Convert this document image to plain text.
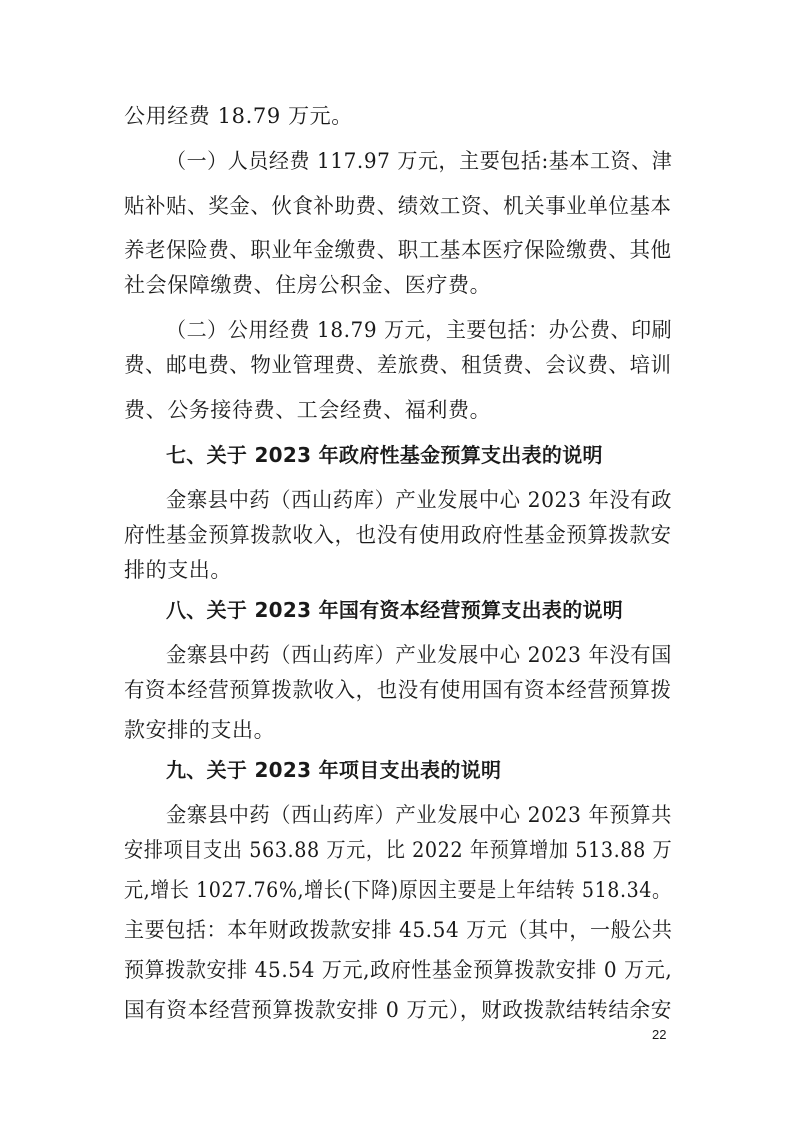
公用经费 18.79 万元。
（一）人员经费 117.97 万元，主要包括:基本工资、津
贴补贴、奖金、伙食补助费、绩效工资、机关事业单位基本
养老保险费、职业年金缴费、职工基本医疗保险缴费、其他
社会保障缴费、住房公积金、医疗费。
（二）公用经费 18.79 万元，主要包括：办公费、印刷
费、邮电费、物业管理费、差旅费、租赁费、会议费、培训
费、公务接待费、工会经费、福利费。
七、关于 2023 年政府性基金预算支出表的说明
金寨县中药（西山药库）产业发展中心 2023 年没有政
府性基金预算拨款收入，也没有使用政府性基金预算拨款安
排的支出。
八、关于 2023 年国有资本经营预算支出表的说明
金寨县中药（西山药库）产业发展中心 2023 年没有国
有资本经营预算拨款收入，也没有使用国有资本经营预算拨
款安排的支出。
九、关于 2023 年项目支出表的说明
金寨县中药（西山药库）产业发展中心 2023 年预算共
安排项目支出 563.88 万元，比 2022 年预算增加 513.88 万
元,增长 1027.76%,增长(下降)原因主要是上年结转 518.34。
主要包括：本年财政拨款安排 45.54 万元（其中，一般公共
预算拨款安排 45.54 万元,政府性基金预算拨款安排 0 万元,
国有资本经营预算拨款安排 0 万元），财政拨款结转结余安
22
